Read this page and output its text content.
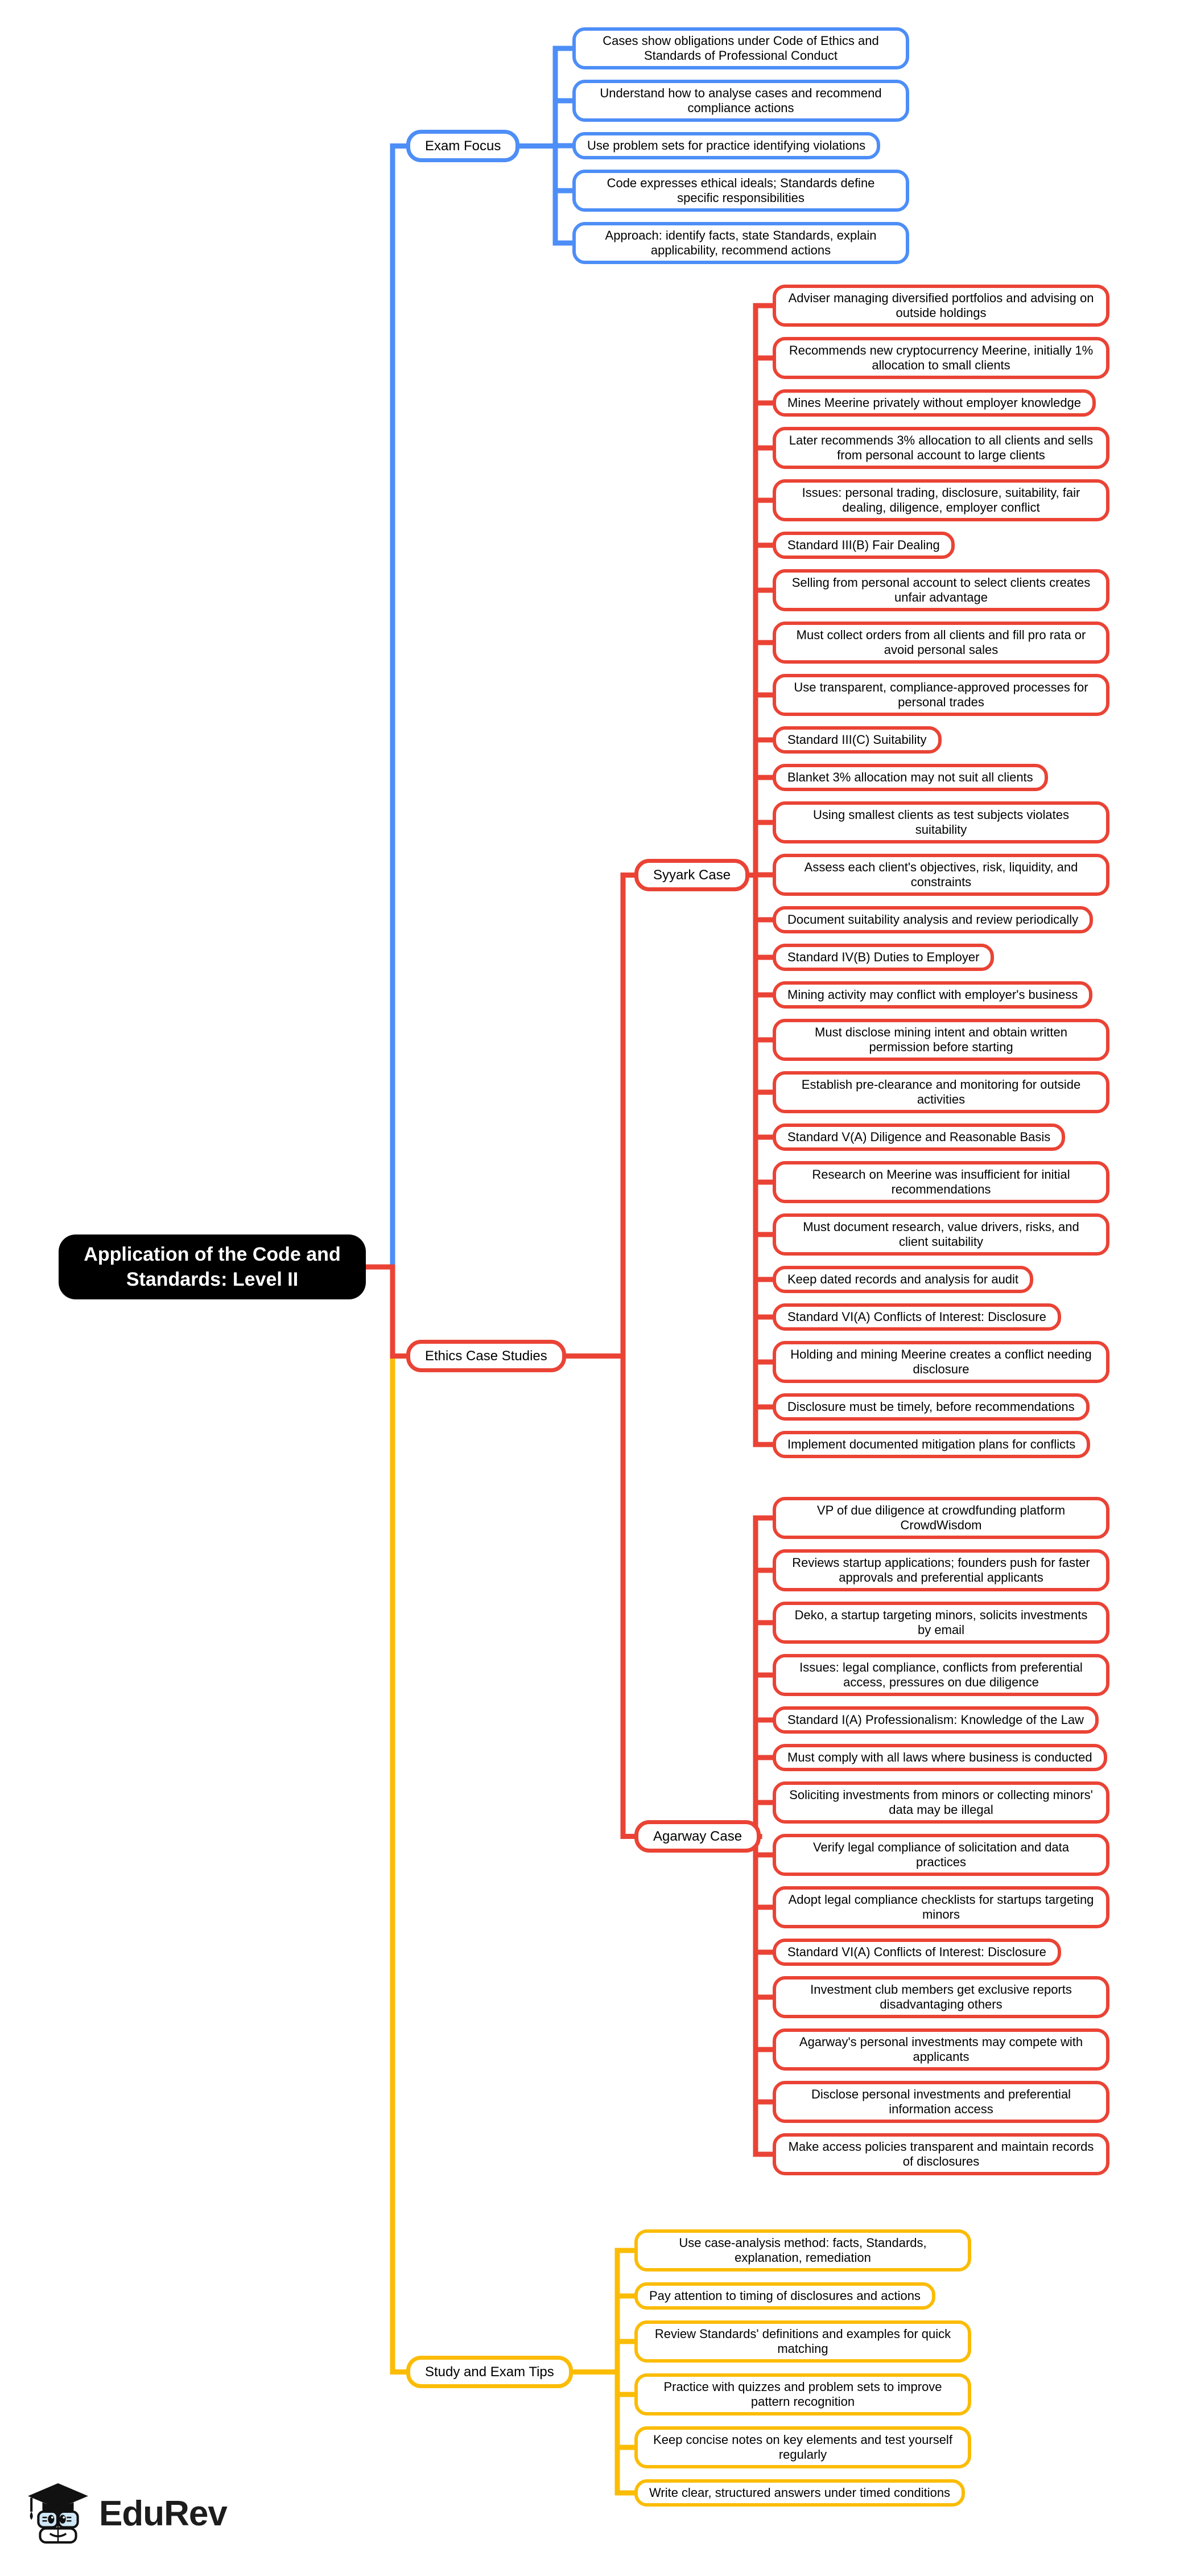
Application of the Code and Standards: Level II
Exam Focus
Ethics Case Studies
Syyark Case
Agarway Case
Study and Exam Tips
Cases show obligations under Code of Ethics and Standards of Professional Conduct
Understand how to analyse cases and recommend compliance actions
Use problem sets for practice identifying violations
Code expresses ethical ideals; Standards define specific responsibilities
Approach: identify facts, state Standards, explain applicability, recommend actions
Adviser managing diversified portfolios and advising on outside holdings
Recommends new cryptocurrency Meerine, initially 1% allocation to small clients
Mines Meerine privately without employer knowledge
Later recommends 3% allocation to all clients and sells from personal account to large clients
Issues: personal trading, disclosure, suitability, fair dealing, diligence, employer conflict
Standard III(B) Fair Dealing
Selling from personal account to select clients creates unfair advantage
Must collect orders from all clients and fill pro rata or avoid personal sales
Use transparent, compliance-approved processes for personal trades
Standard III(C) Suitability
Blanket 3% allocation may not suit all clients
Using smallest clients as test subjects violates suitability
Assess each client's objectives, risk, liquidity, and constraints
Document suitability analysis and review periodically
Standard IV(B) Duties to Employer
Mining activity may conflict with employer's business
Must disclose mining intent and obtain written permission before starting
Establish pre-clearance and monitoring for outside activities
Standard V(A) Diligence and Reasonable Basis
Research on Meerine was insufficient for initial recommendations
Must document research, value drivers, risks, and client suitability
Keep dated records and analysis for audit
Standard VI(A) Conflicts of Interest: Disclosure
Holding and mining Meerine creates a conflict needing disclosure
Disclosure must be timely, before recommendations
Implement documented mitigation plans for conflicts
VP of due diligence at crowdfunding platform CrowdWisdom
Reviews startup applications; founders push for faster approvals and preferential applicants
Deko, a startup targeting minors, solicits investments by email
Issues: legal compliance, conflicts from preferential access, pressures on due diligence
Standard I(A) Professionalism: Knowledge of the Law
Must comply with all laws where business is conducted
Soliciting investments from minors or collecting minors' data may be illegal
Verify legal compliance of solicitation and data practices
Adopt legal compliance checklists for startups targeting minors
Standard VI(A) Conflicts of Interest: Disclosure
Investment club members get exclusive reports disadvantaging others
Agarway's personal investments may compete with applicants
Disclose personal investments and preferential information access
Make access policies transparent and maintain records of disclosures
Use case-analysis method: facts, Standards, explanation, remediation
Pay attention to timing of disclosures and actions
Review Standards' definitions and examples for quick matching
Practice with quizzes and problem sets to improve pattern recognition
Keep concise notes on key elements and test yourself regularly
Write clear, structured answers under timed conditions
EduRev
